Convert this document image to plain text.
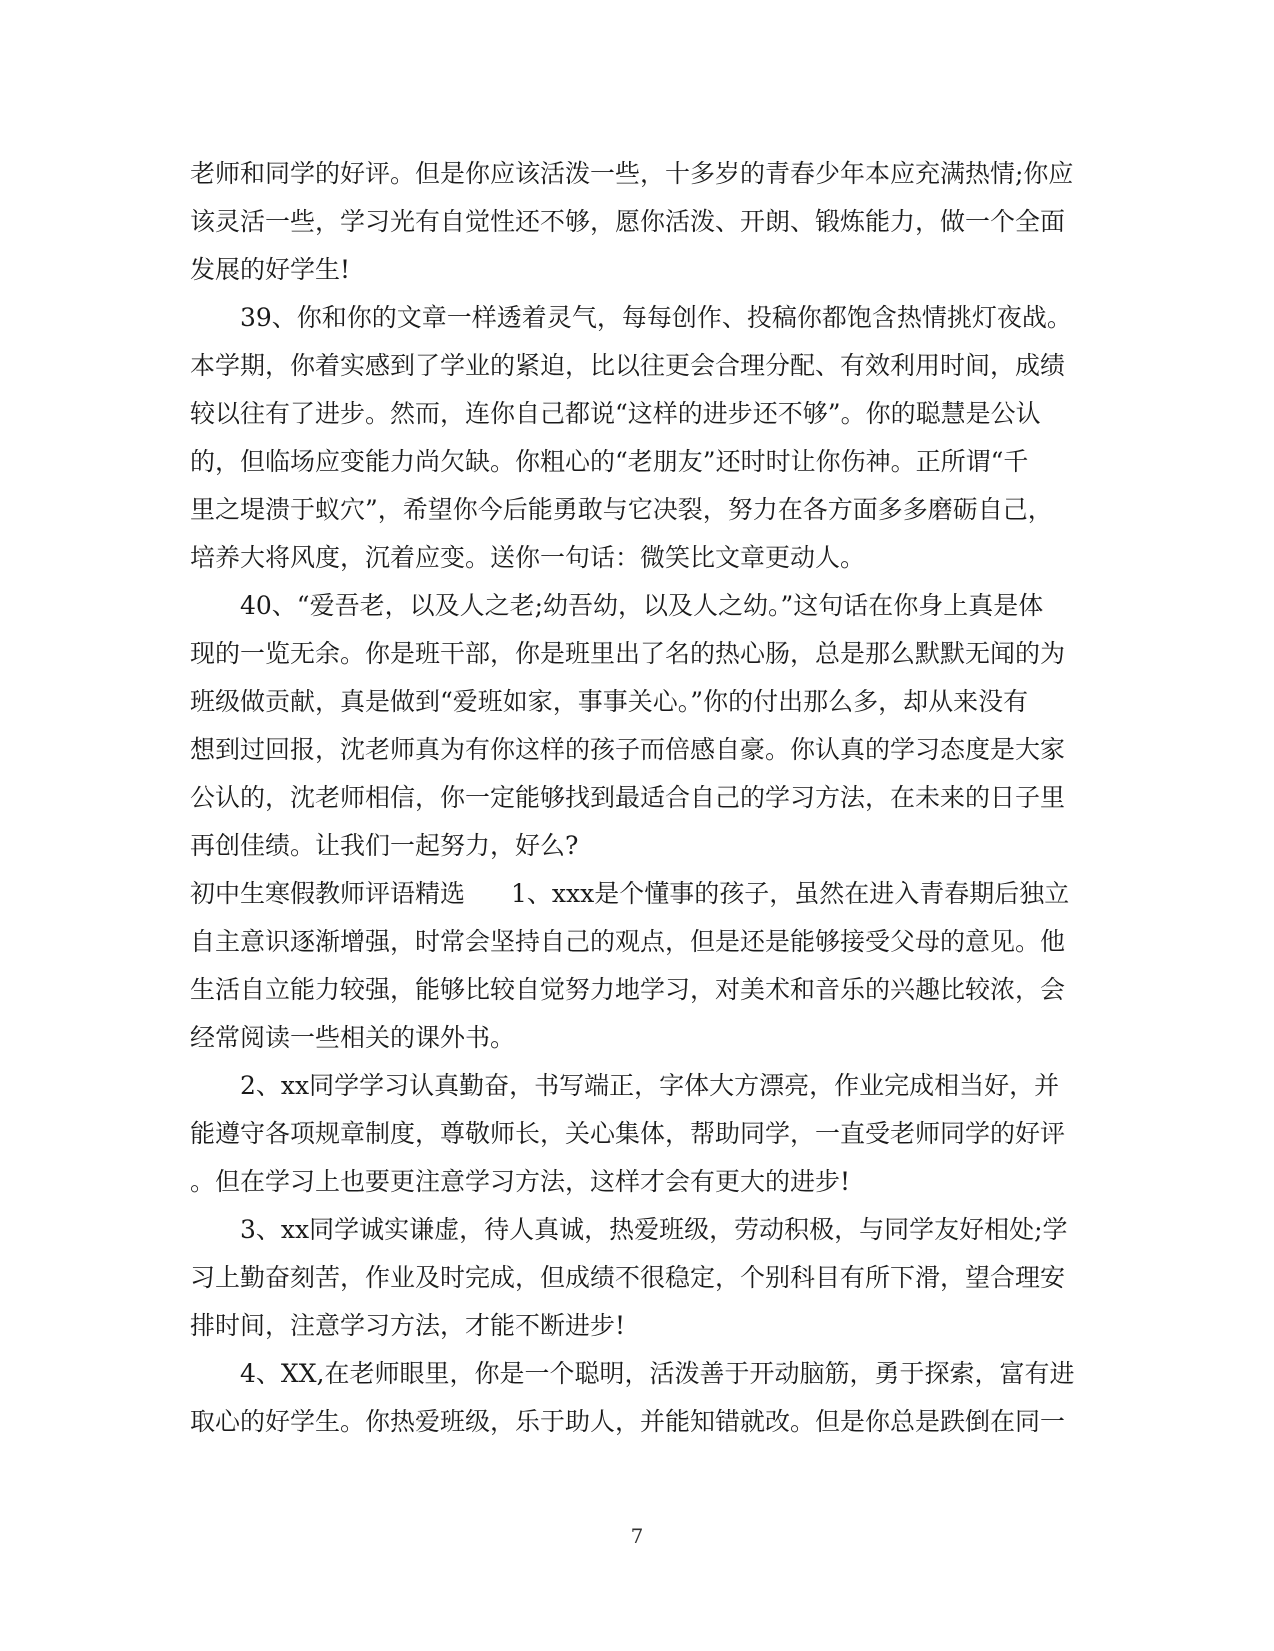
老师和同学的好评。但是你应该活泼一些，十多岁的青春少年本应充满热情;你应
该灵活一些，学习光有自觉性还不够，愿你活泼、开朗、锻炼能力，做一个全面
发展的好学生!
39、你和你的文章一样透着灵气，每每创作、投稿你都饱含热情挑灯夜战。
本学期，你着实感到了学业的紧迫，比以往更会合理分配、有效利用时间，成绩
较以往有了进步。然而，连你自己都说“这样的进步还不够”。你的聪慧是公认
的，但临场应变能力尚欠缺。你粗心的“老朋友”还时时让你伤神。正所谓“千
里之堤溃于蚁穴”，希望你今后能勇敢与它决裂，努力在各方面多多磨砺自己，
培养大将风度，沉着应变。送你一句话：微笑比文章更动人。
40、“爱吾老，以及人之老;幼吾幼，以及人之幼。”这句话在你身上真是体
现的一览无余。你是班干部，你是班里出了名的热心肠，总是那么默默无闻的为
班级做贡献，真是做到“爱班如家，事事关心。”你的付出那么多，却从来没有
想到过回报，沈老师真为有你这样的孩子而倍感自豪。你认真的学习态度是大家
公认的，沈老师相信，你一定能够找到最适合自己的学习方法，在未来的日子里
再创佳绩。让我们一起努力，好么?
初中生寒假教师评语精选 1、xxx是个懂事的孩子，虽然在进入青春期后独立
自主意识逐渐增强，时常会坚持自己的观点，但是还是能够接受父母的意见。他
生活自立能力较强，能够比较自觉努力地学习，对美术和音乐的兴趣比较浓，会
经常阅读一些相关的课外书。
2、xx同学学习认真勤奋，书写端正，字体大方漂亮，作业完成相当好，并
能遵守各项规章制度，尊敬师长，关心集体，帮助同学，一直受老师同学的好评
。但在学习上也要更注意学习方法，这样才会有更大的进步!
3、xx同学诚实谦虚，待人真诚，热爱班级，劳动积极，与同学友好相处;学
习上勤奋刻苦，作业及时完成，但成绩不很稳定，个别科目有所下滑，望合理安
排时间，注意学习方法，才能不断进步!
4、XX,在老师眼里，你是一个聪明，活泼善于开动脑筋，勇于探索，富有进
取心的好学生。你热爱班级，乐于助人，并能知错就改。但是你总是跌倒在同一
7
